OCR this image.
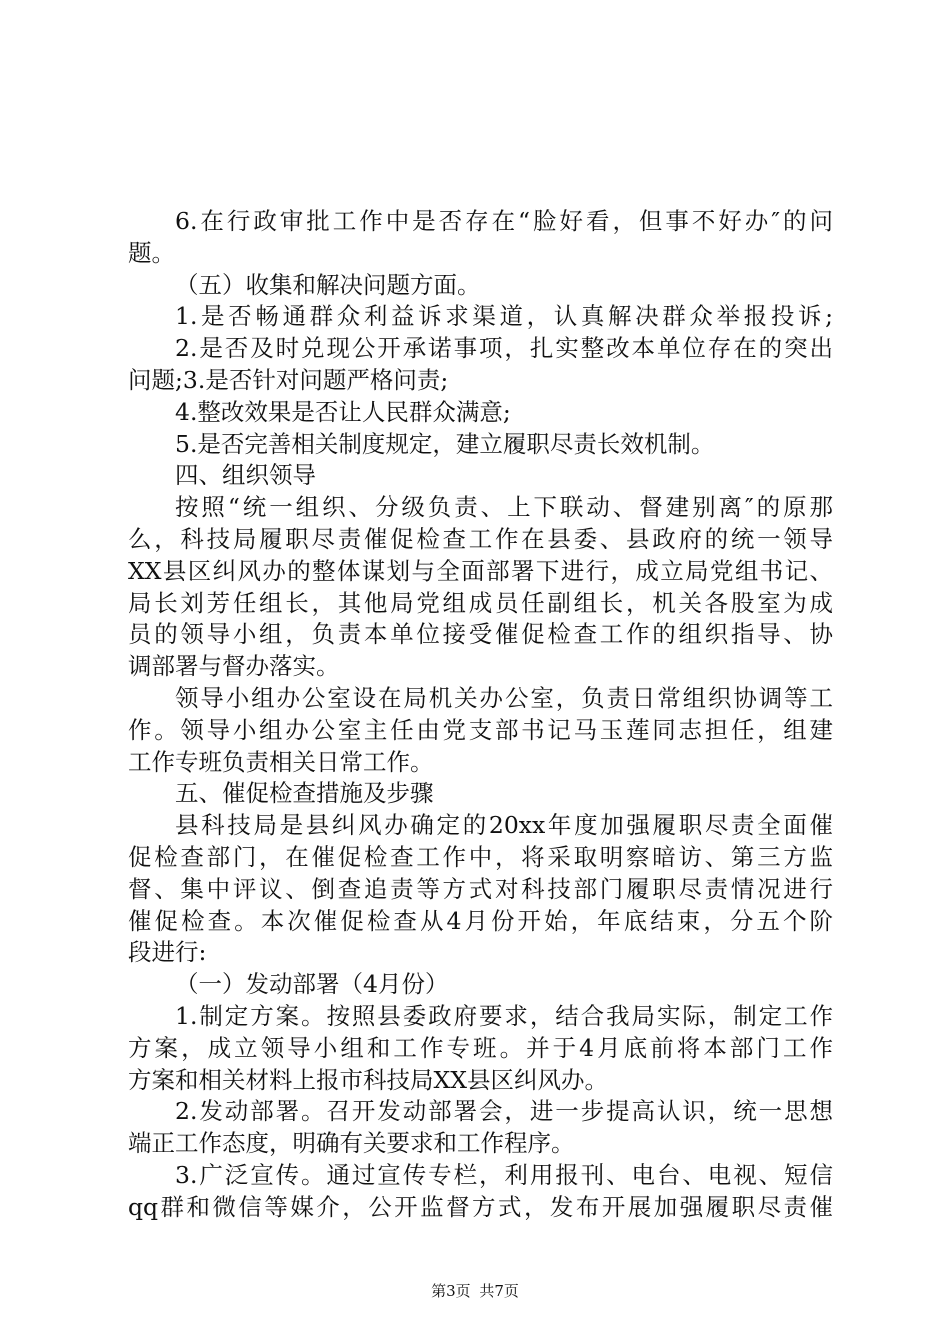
6.在行政审批工作中是否存在“脸好看，但事不好办″的问
题。
（五）收集和解决问题方面。
1.是否畅通群众利益诉求渠道，认真解决群众举报投诉;
2.是否及时兑现公开承诺事项，扎实整改本单位存在的突出
问题;3.是否针对问题严格问责;
4.整改效果是否让人民群众满意;
5.是否完善相关制度规定，建立履职尽责长效机制。
四、组织领导
按照“统一组织、分级负责、上下联动、督建别离″的原那
么，科技局履职尽责催促检查工作在县委、县政府的统一领导
XX县区纠风办的整体谋划与全面部署下进行，成立局党组书记、
局长刘芳任组长，其他局党组成员任副组长，机关各股室为成
员的领导小组，负责本单位接受催促检查工作的组织指导、协
调部署与督办落实。
领导小组办公室设在局机关办公室，负责日常组织协调等工
作。领导小组办公室主任由党支部书记马玉莲同志担任，组建
工作专班负责相关日常工作。
五、催促检查措施及步骤
县科技局是县纠风办确定的20xx年度加强履职尽责全面催
促检查部门，在催促检查工作中，将采取明察暗访、第三方监
督、集中评议、倒查追责等方式对科技部门履职尽责情况进行
催促检查。本次催促检查从4月份开始，年底结束，分五个阶
段进行:
（一）发动部署（4月份）
1.制定方案。按照县委政府要求，结合我局实际，制定工作
方案，成立领导小组和工作专班。并于4月底前将本部门工作
方案和相关材料上报市科技局XX县区纠风办。
2.发动部署。召开发动部署会，进一步提高认识，统一思想
端正工作态度，明确有关要求和工作程序。
3.广泛宣传。通过宣传专栏，利用报刊、电台、电视、短信
qq群和微信等媒介，公开监督方式，发布开展加强履职尽责催
第3页 共7页
